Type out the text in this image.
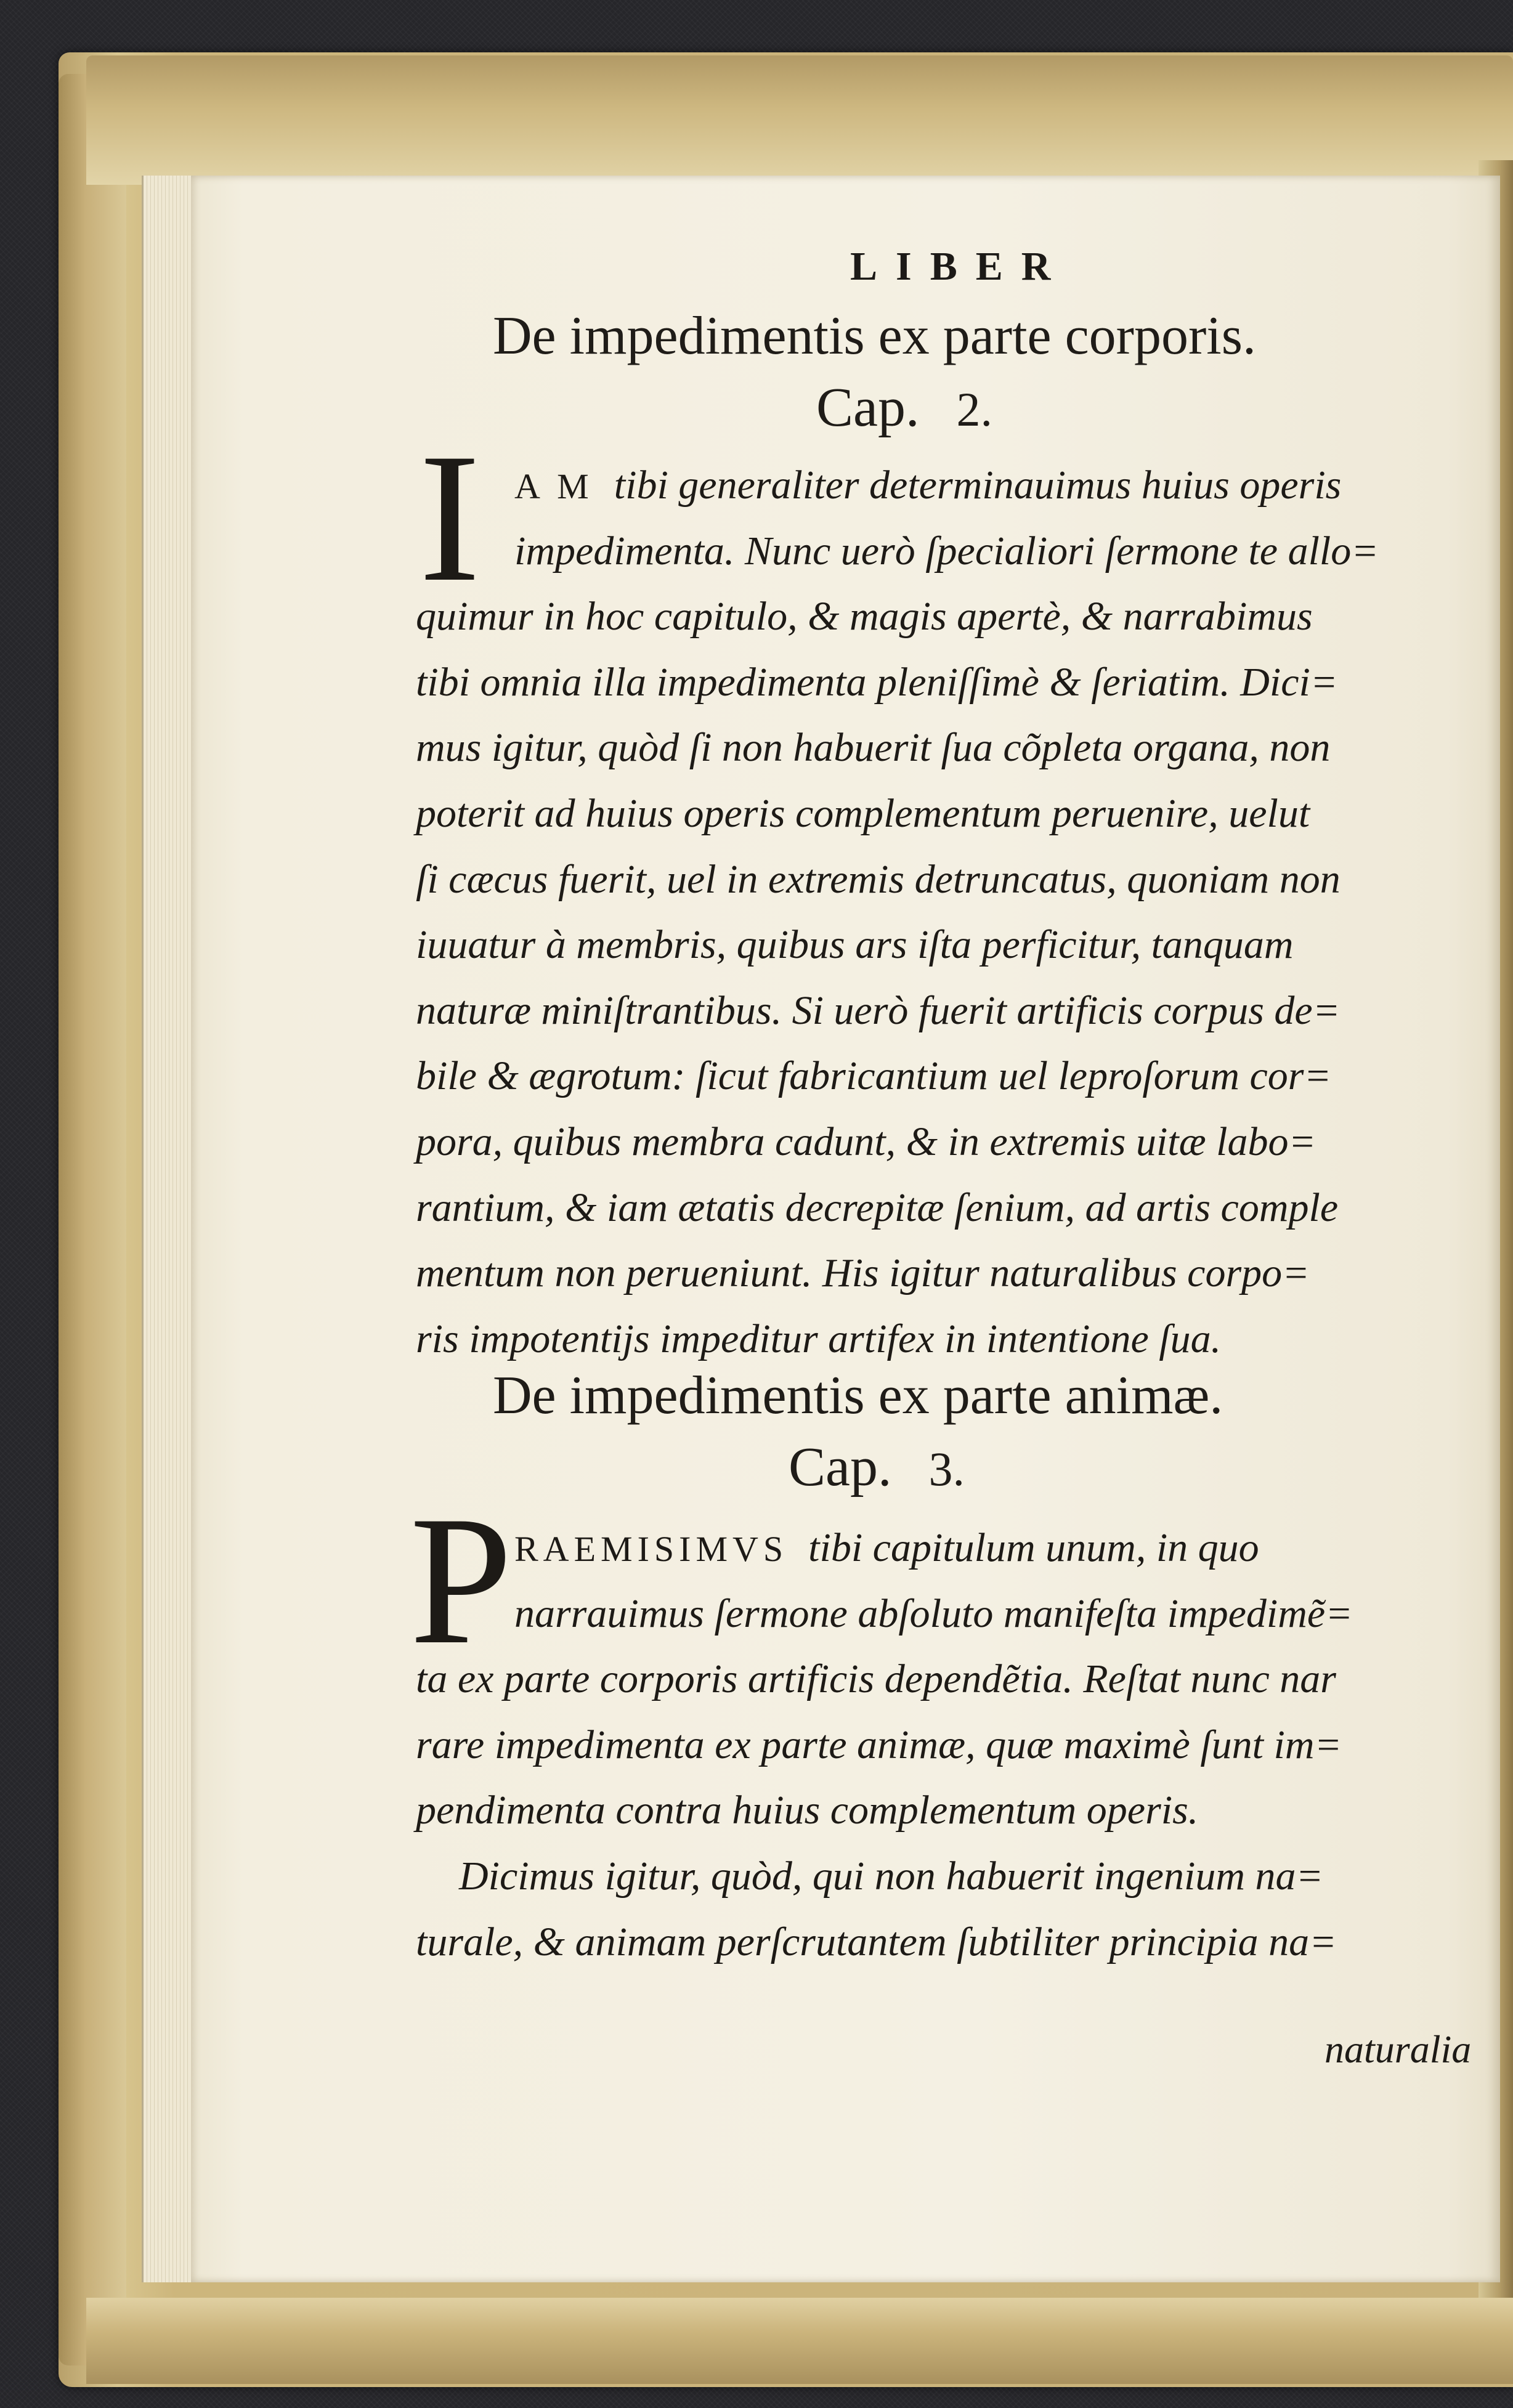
LIBER
De impedimentis ex parte corporis.
Cap. 2.
I A M tibi generaliter determinauimus huius operis
impedimenta. Nunc uerò ſpecialiori ſermone te allo=
quimur in hoc capitulo, & magis apertè, & narrabimus
tibi omnia illa impedimenta pleniſſimè & ſeriatim. Dici=
mus igitur, quòd ſi non habuerit ſua cõpleta organa, non
poterit ad huius operis complementum peruenire, uelut
ſi cæcus fuerit, uel in extremis detruncatus, quoniam non
iuuatur à membris, quibus ars iſta perficitur, tanquam
naturæ miniſtrantibus. Si uerò fuerit artificis corpus de=
bile & ægrotum: ſicut fabricantium uel leproſorum cor=
pora, quibus membra cadunt, & in extremis uitæ labo=
rantium, & iam ætatis decrepitæ ſenium, ad artis comple
mentum non perueniunt. His igitur naturalibus corpo=
ris impotentijs impeditur artifex in intentione ſua.
De impedimentis ex parte animæ.
Cap. 3.
P RAEMISIMVS tibi capitulum unum, in quo
narrauimus ſermone abſoluto manifeſta impedimẽ=
ta ex parte corporis artificis dependẽtia. Reſtat nunc nar
rare impedimenta ex parte animæ, quæ maximè ſunt im=
pendimenta contra huius complementum operis.
Dicimus igitur, quòd, qui non habuerit ingenium na=
turale, & animam perſcrutantem ſubtiliter principia na=
naturalia
